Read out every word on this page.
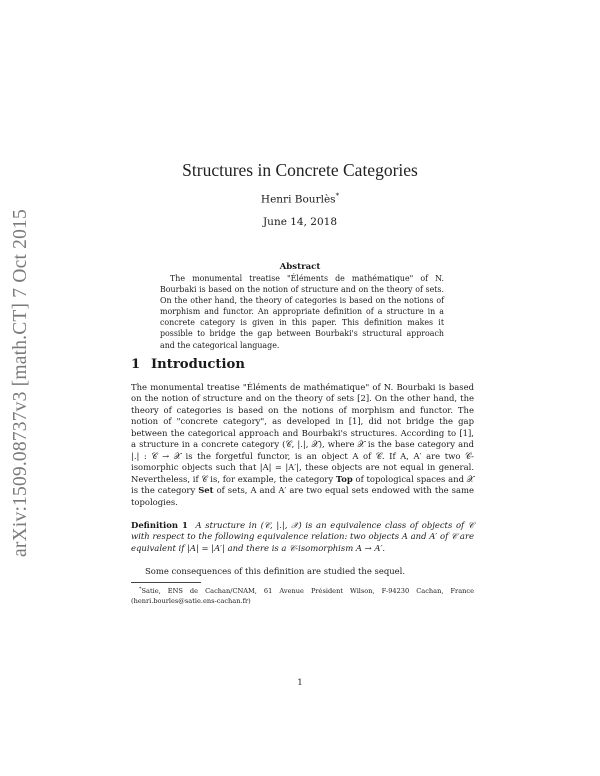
arXiv:1509.08737v3 [math.CT] 7 Oct 2015
Structures in Concrete Categories
Henri Bourlès*
June 14, 2018
Abstract

The monumental treatise "Éléments de mathématique" of N. Bourbaki is based on the notion of structure and on the theory of sets. On the other hand, the theory of categories is based on the notions of morphism and functor. An appropriate definition of a structure in a concrete category is given in this paper. This definition makes it possible to bridge the gap between Bourbaki's structural approach and the categorical language.

1 Introduction

The monumental treatise "Éléments de mathématique" of N. Bourbaki is based on the notion of structure and on the theory of sets [2]. On the other hand, the theory of categories is based on the notions of morphism and functor. The notion of "concrete category", as developed in [1], did not bridge the gap between the categorical approach and Bourbaki's structures. According to [1], a structure in a concrete category (𝒞, |.|, 𝒳), where 𝒳 is the base category and |.| : 𝒞 → 𝒳 is the forgetful functor, is an object A of 𝒞. If A, A′ are two 𝒞-isomorphic objects such that |A| = |A′|, these objects are not equal in general. Nevertheless, if 𝒞 is, for example, the category Top of topological spaces and 𝒳 is the category Set of sets, A and A′ are two equal sets endowed with the same topologies.

Definition 1 A structure in (𝒞, |.|, 𝒳) is an equivalence class of objects of 𝒞 with respect to the following equivalence relation: two objects A and A′ of 𝒞 are equivalent if |A| = |A′| and there is a 𝒞-isomorphism A → A′.

Some consequences of this definition are studied the sequel.

*Satie, ENS de Cachan/CNAM, 61 Avenue Président Wilson, F-94230 Cachan, France (henri.bourles@satie.ens-cachan.fr)

1
